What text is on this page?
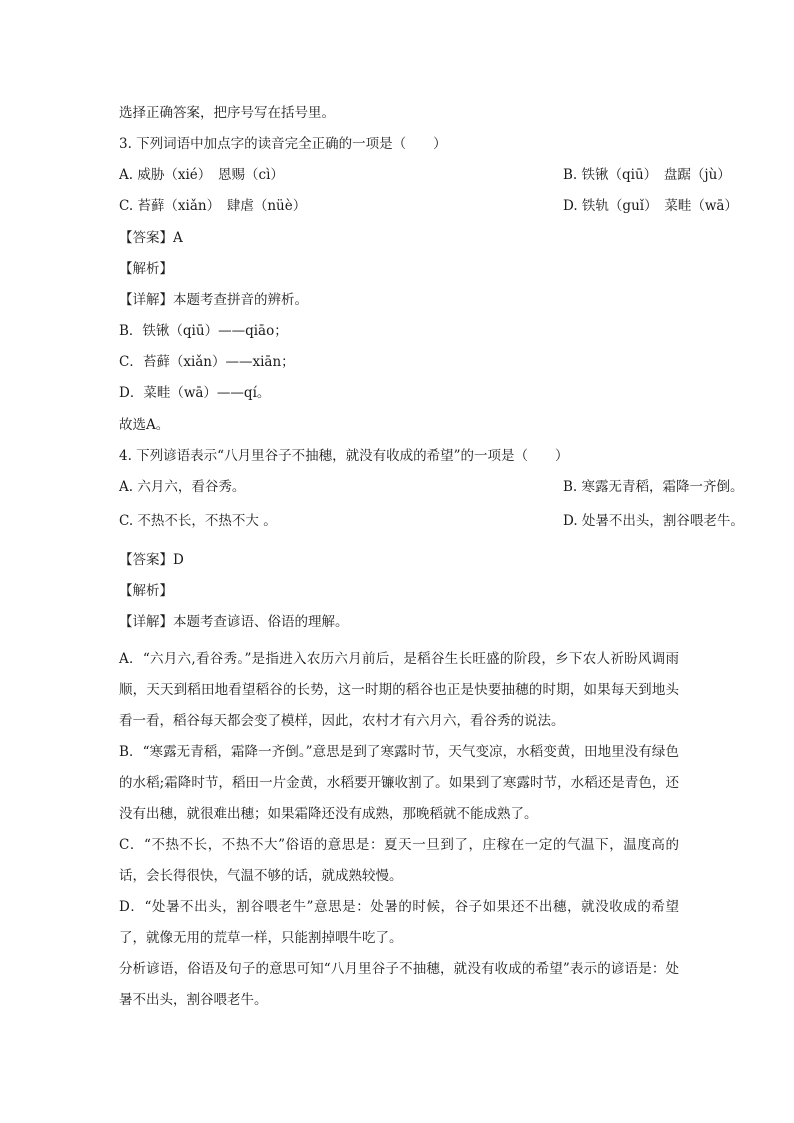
选择正确答案，把序号写在括号里。
3. 下列词语中加点字的读音完全正确的一项是（　　）
A. 威胁（xié）　恩赐（cì）	B. 铁锹（qiū）　盘踞（jù）
C. 苔藓（xiǎn）　肆虐（nüè）	D. 铁轨（guǐ）　菜畦（wā）
【答案】A
【解析】
【详解】本题考查拼音的辨析。
B．铁锹（qiū）——qiāo；
C．苔藓（xiǎn）——xiān；
D．菜畦（wā）——qí。
故选A。
4. 下列谚语表示“八月里谷子不抽穗，就没有收成的希望”的一项是（　　）
A. 六月六，看谷秀。	B. 寒露无青稻，霜降一齐倒。
C. 不热不长，不热不大 。	D. 处暑不出头，割谷喂老牛。
【答案】D
【解析】
【详解】本题考查谚语、俗语的理解。
A．“六月六,看谷秀。”是指进入农历六月前后，是稻谷生长旺盛的阶段，乡下农人祈盼风调雨顺，天天到稻田地看望稻谷的长势，这一时期的稻谷也正是快要抽穗的时期，如果每天到地头看一看，稻谷每天都会变了模样，因此，农村才有六月六，看谷秀的说法。
B．“寒露无青稻，霜降一齐倒。”意思是到了寒露时节，天气变凉，水稻变黄，田地里没有绿色的水稻;霜降时节，稻田一片金黄，水稻要开镰收割了。如果到了寒露时节，水稻还是青色，还没有出穗，就很难出穗；如果霜降还没有成熟，那晚稻就不能成熟了。
C．“不热不长，不热不大”俗语的意思是：夏天一旦到了，庄稼在一定的气温下，温度高的话，会长得很快，气温不够的话，就成熟较慢。
D．“处暑不出头，割谷喂老牛”意思是：处暑的时候，谷子如果还不出穗，就没收成的希望了，就像无用的荒草一样，只能割掉喂牛吃了。
分析谚语，俗语及句子的意思可知“八月里谷子不抽穗，就没有收成的希望”表示的谚语是：处暑不出头，割谷喂老牛。
